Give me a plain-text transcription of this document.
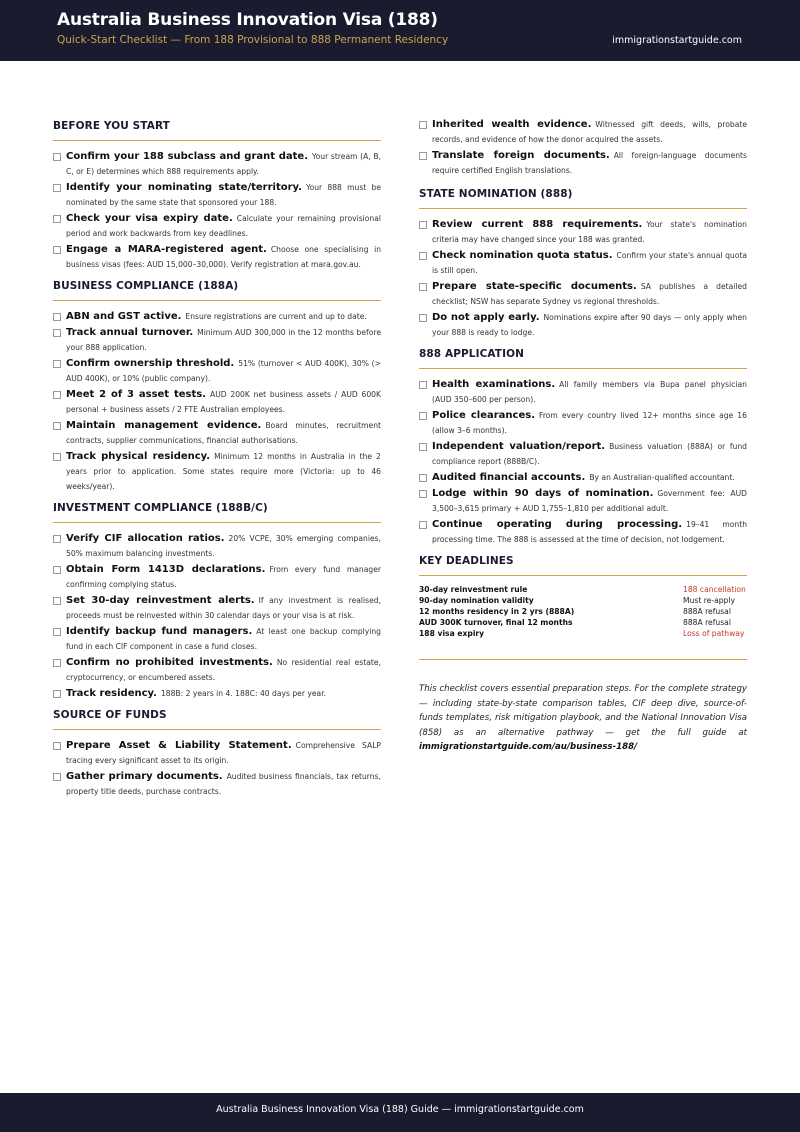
Australia Business Innovation Visa (188)
Quick-Start Checklist — From 188 Provisional to 888 Permanent Residency	immigrationstartguide.com
BEFORE YOU START
Confirm your 188 subclass and grant date. Your stream (A, B, C, or E) determines which 888 requirements apply.
Identify your nominating state/territory. Your 888 must be nominated by the same state that sponsored your 188.
Check your visa expiry date. Calculate your remaining provisional period and work backwards from key deadlines.
Engage a MARA-registered agent. Choose one specialising in business visas (fees: AUD 15,000–30,000). Verify registration at mara.gov.au.
BUSINESS COMPLIANCE (188A)
ABN and GST active. Ensure registrations are current and up to date.
Track annual turnover. Minimum AUD 300,000 in the 12 months before your 888 application.
Confirm ownership threshold. 51% (turnover < AUD 400K), 30% (> AUD 400K), or 10% (public company).
Meet 2 of 3 asset tests. AUD 200K net business assets / AUD 600K personal + business assets / 2 FTE Australian employees.
Maintain management evidence. Board minutes, recruitment contracts, supplier communications, financial authorisations.
Track physical residency. Minimum 12 months in Australia in the 2 years prior to application. Some states require more (Victoria: up to 46 weeks/year).
INVESTMENT COMPLIANCE (188B/C)
Verify CIF allocation ratios. 20% VCPE, 30% emerging companies, 50% maximum balancing investments.
Obtain Form 1413D declarations. From every fund manager confirming complying status.
Set 30-day reinvestment alerts. If any investment is realised, proceeds must be reinvested within 30 calendar days or your visa is at risk.
Identify backup fund managers. At least one backup complying fund in each CIF component in case a fund closes.
Confirm no prohibited investments. No residential real estate, cryptocurrency, or encumbered assets.
Track residency. 188B: 2 years in 4. 188C: 40 days per year.
SOURCE OF FUNDS
Prepare Asset & Liability Statement. Comprehensive SALP tracing every significant asset to its origin.
Gather primary documents. Audited business financials, tax returns, property title deeds, purchase contracts.
Inherited wealth evidence. Witnessed gift deeds, wills, probate records, and evidence of how the donor acquired the assets.
Translate foreign documents. All foreign-language documents require certified English translations.
STATE NOMINATION (888)
Review current 888 requirements. Your state's nomination criteria may have changed since your 188 was granted.
Check nomination quota status. Confirm your state's annual quota is still open.
Prepare state-specific documents. SA publishes a detailed checklist; NSW has separate Sydney vs regional thresholds.
Do not apply early. Nominations expire after 90 days — only apply when your 888 is ready to lodge.
888 APPLICATION
Health examinations. All family members via Bupa panel physician (AUD 350–600 per person).
Police clearances. From every country lived 12+ months since age 16 (allow 3–6 months).
Independent valuation/report. Business valuation (888A) or fund compliance report (888B/C).
Audited financial accounts. By an Australian-qualified accountant.
Lodge within 90 days of nomination. Government fee: AUD 3,500–3,615 primary + AUD 1,755–1,810 per additional adult.
Continue operating during processing. 19–41 month processing time. The 888 is assessed at the time of decision, not lodgement.
KEY DEADLINES
30-day reinvestment rule	188 cancellation
90-day nomination validity	Must re-apply
12 months residency in 2 yrs (888A)	888A refusal
AUD 300K turnover, final 12 months	888A refusal
188 visa expiry	Loss of pathway
This checklist covers essential preparation steps. For the complete strategy — including state-by-state comparison tables, CIF deep dive, source-of-funds templates, risk mitigation playbook, and the National Innovation Visa (858) as an alternative pathway — get the full guide at immigrationstartguide.com/au/business-188/
Australia Business Innovation Visa (188) Guide — immigrationstartguide.com
